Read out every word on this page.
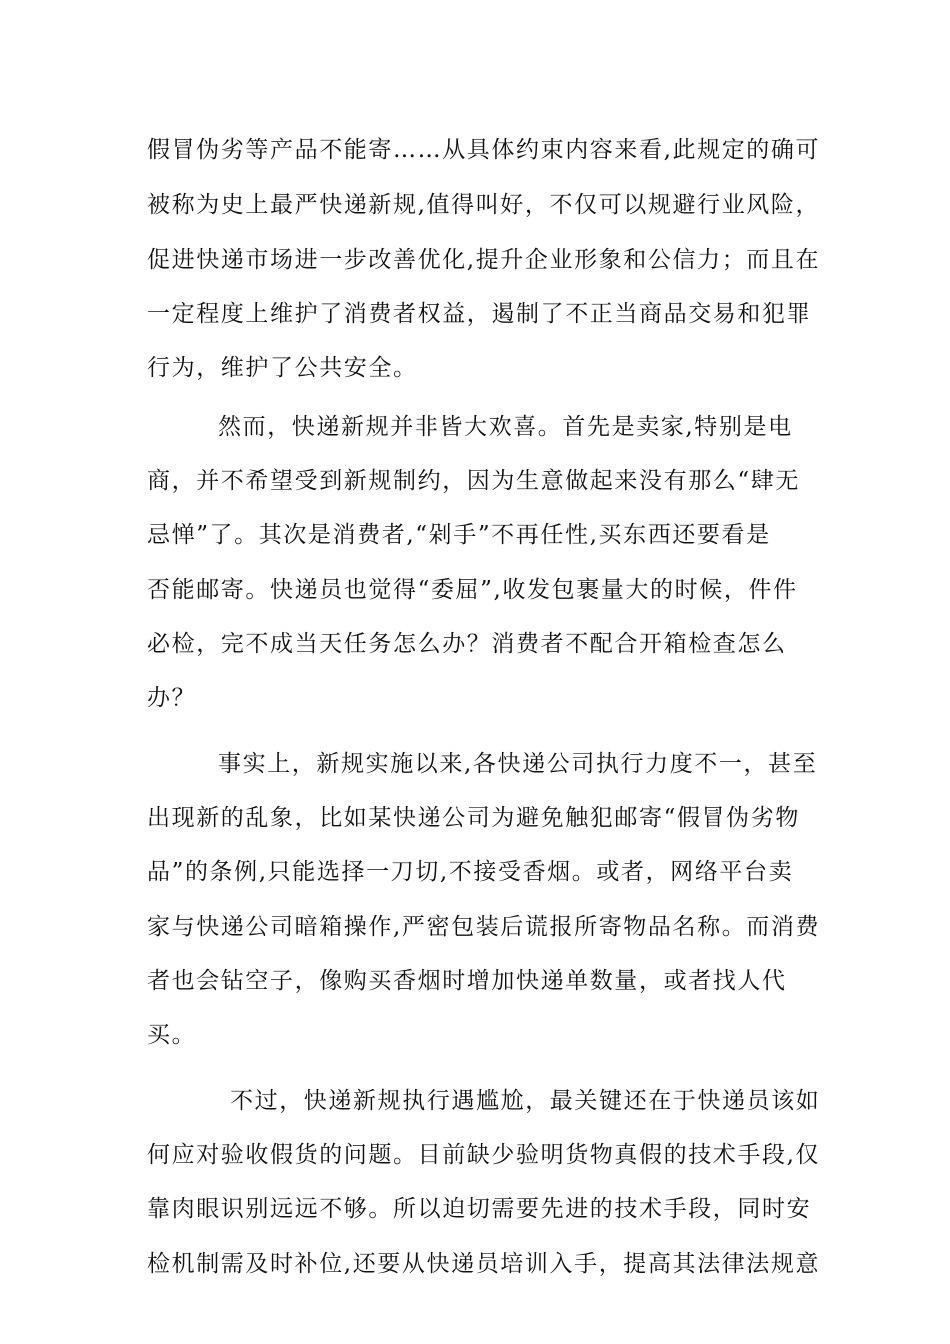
假冒伪劣等产品不能寄……从具体约束内容来看,此规定的确可
被称为史上最严快递新规,值得叫好，不仅可以规避行业风险，
促进快递市场进一步改善优化,提升企业形象和公信力；而且在
一定程度上维护了消费者权益，遏制了不正当商品交易和犯罪
行为，维护了公共安全。
然而，快递新规并非皆大欢喜。首先是卖家,特别是电
商，并不希望受到新规制约，因为生意做起来没有那么“肆无
忌惮”了。其次是消费者,“剁手”不再任性,买东西还要看是
否能邮寄。快递员也觉得“委屈”,收发包裹量大的时候，件件
必检，完不成当天任务怎么办？消费者不配合开箱检查怎么
办？
事实上，新规实施以来,各快递公司执行力度不一，甚至
出现新的乱象，比如某快递公司为避免触犯邮寄“假冒伪劣物
品”的条例,只能选择一刀切,不接受香烟。或者，网络平台卖
家与快递公司暗箱操作,严密包装后谎报所寄物品名称。而消费
者也会钻空子，像购买香烟时增加快递单数量，或者找人代
买。
不过，快递新规执行遇尴尬，最关键还在于快递员该如
何应对验收假货的问题。目前缺少验明货物真假的技术手段,仅
靠肉眼识别远远不够。所以迫切需要先进的技术手段，同时安
检机制需及时补位,还要从快递员培训入手，提高其法律法规意
